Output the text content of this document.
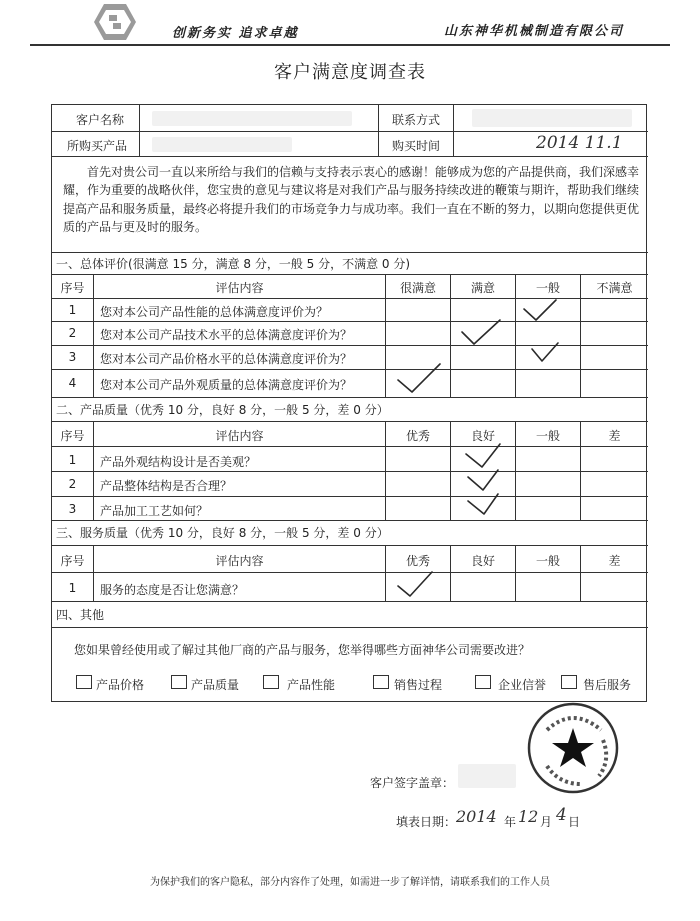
创新务实 追求卓越	山东神华机械制造有限公司
客户满意度调查表
客户名称	联系方式
所购买产品	购买时间	2014 11.1
首先对贵公司一直以来所给与我们的信赖与支持表示衷心的感谢！能够成为您的产品提供商，我们深感幸耀，作为重要的战略伙伴，您宝贵的意见与建议将是对我们产品与服务持续改进的鞭策与期许，帮助我们继续提高产品和服务质量，最终必将提升我们的市场竞争力与成功率。我们一直在不断的努力，以期向您提供更优质的产品与更及时的服务。
一、总体评价(很满意 15 分，满意 8 分，一般 5 分，不满意 0 分)
序号	评估内容	很满意	满意	一般	不满意
1	您对本公司产品性能的总体满意度评价为？
2	您对本公司产品技术水平的总体满意度评价为？
3	您对本公司产品价格水平的总体满意度评价为？
4	您对本公司产品外观质量的总体满意度评价为？
二、产品质量（优秀 10 分，良好 8 分，一般 5 分，差 0 分）
序号	评估内容	优秀	良好	一般	差
1	产品外观结构设计是否美观？
2	产品整体结构是否合理？
3	产品加工工艺如何？
三、服务质量（优秀 10 分，良好 8 分，一般 5 分，差 0 分）
序号	评估内容	优秀	良好	一般	差
1	服务的态度是否让您满意？
四、其他
您如果曾经使用或了解过其他厂商的产品与服务，您举得哪些方面神华公司需要改进？
产品价格	产品质量	产品性能	销售过程	企业信誉	售后服务
客户签字盖章：
填表日期： 2014 年 12 月 4 日
为保护我们的客户隐私，部分内容作了处理，如需进一步了解详情，请联系我们的工作人员
